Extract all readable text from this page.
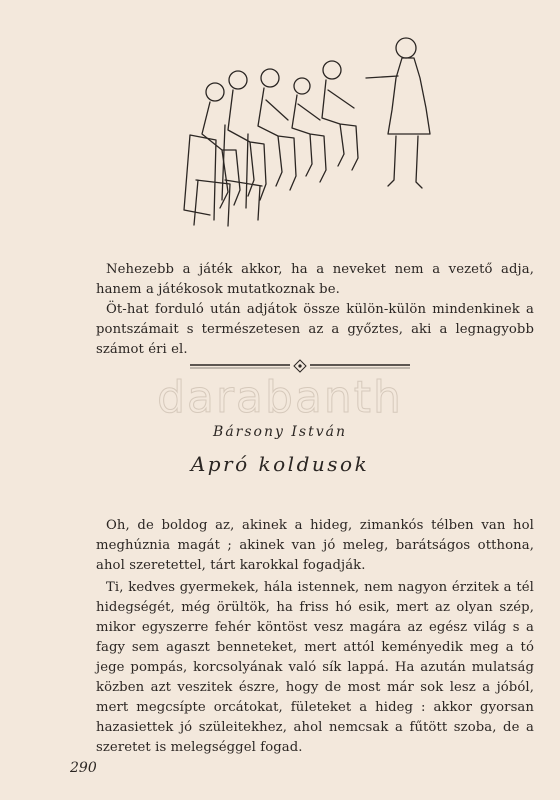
Nehezebb a játék akkor, ha a neveket nem a vezető adja, hanem a játékosok mutatkoznak be.
Öt-hat forduló után adjátok össze külön-külön mindenkinek a pontszámait s természetesen az a győztes, aki a legnagyobb számot éri el.
darabanth
Bársony István
Apró koldusok
Oh, de boldog az, akinek a hideg, zimankós télben van hol meghúznia magát ; akinek van jó meleg, barátságos otthona, ahol szeretettel, tárt karokkal fogadják.
Ti, kedves gyermekek, hála istennek, nem nagyon érzitek a tél hidegségét, még örültök, ha friss hó esik, mert az olyan szép, mikor egyszerre fehér köntöst vesz magára az egész világ s a fagy sem agaszt benneteket, mert attól keményedik meg a tó jege pompás, korcsolyának való sík lappá. Ha azután mulatság közben azt veszitek észre, hogy de most már sok lesz a jóból, mert megcsípte orcátokat, fületeket a hideg : akkor gyorsan hazasiettek jó szüleitekhez, ahol nemcsak a fűtött szoba, de a szeretet is melegséggel fogad.
290
